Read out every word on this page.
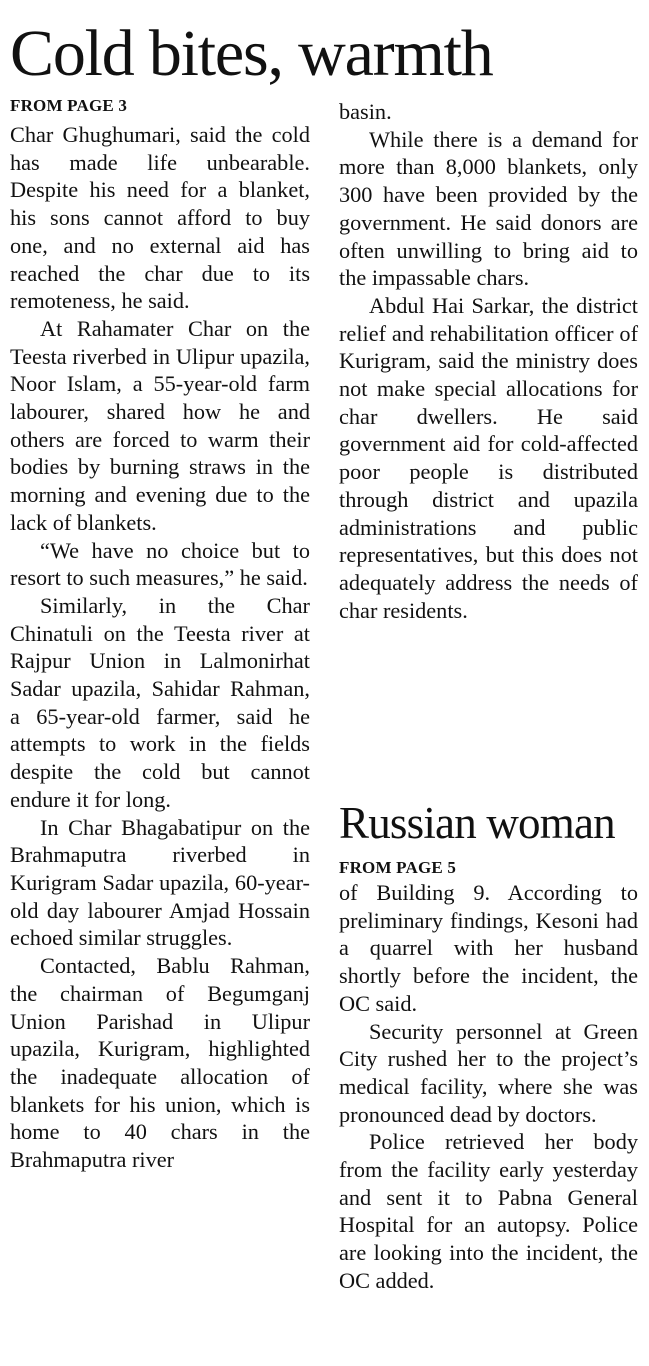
Cold bites, warmth
FROM PAGE 3

Char Ghughumari, said the cold has made life unbearable. Despite his need for a blanket, his sons cannot afford to buy one, and no external aid has reached the char due to its remoteness, he said.

At Rahamater Char on the Teesta riverbed in Ulipur upazila, Noor Islam, a 55-year-old farm labourer, shared how he and others are forced to warm their bodies by burning straws in the morning and evening due to the lack of blankets.

“We have no choice but to resort to such measures,” he said.

Similarly, in the Char Chinatuli on the Teesta river at Rajpur Union in Lalmonirhat Sadar upazila, Sahidar Rahman, a 65-year-old farmer, said he attempts to work in the fields despite the cold but cannot endure it for long.

In Char Bhagabatipur on the Brahmaputra riverbed in Kurigram Sadar upazila, 60-year-old day labourer Amjad Hossain echoed similar struggles.

Contacted, Bablu Rahman, the chairman of Begumganj Union Parishad in Ulipur upazila, Kurigram, highlighted the inadequate allocation of blankets for his union, which is home to 40 chars in the Brahmaputra river

basin.

While there is a demand for more than 8,000 blankets, only 300 have been provided by the government. He said donors are often unwilling to bring aid to the impassable chars.

Abdul Hai Sarkar, the district relief and rehabilitation officer of Kurigram, said the ministry does not make special allocations for char dwellers. He said government aid for cold-affected poor people is distributed through district and upazila administrations and public representatives, but this does not adequately address the needs of char residents.

Russian woman
FROM PAGE 5

of Building 9. According to preliminary findings, Kesoni had a quarrel with her husband shortly before the incident, the OC said.

Security personnel at Green City rushed her to the project’s medical facility, where she was pronounced dead by doctors.

Police retrieved her body from the facility early yesterday and sent it to Pabna General Hospital for an autopsy. Police are looking into the incident, the OC added.
